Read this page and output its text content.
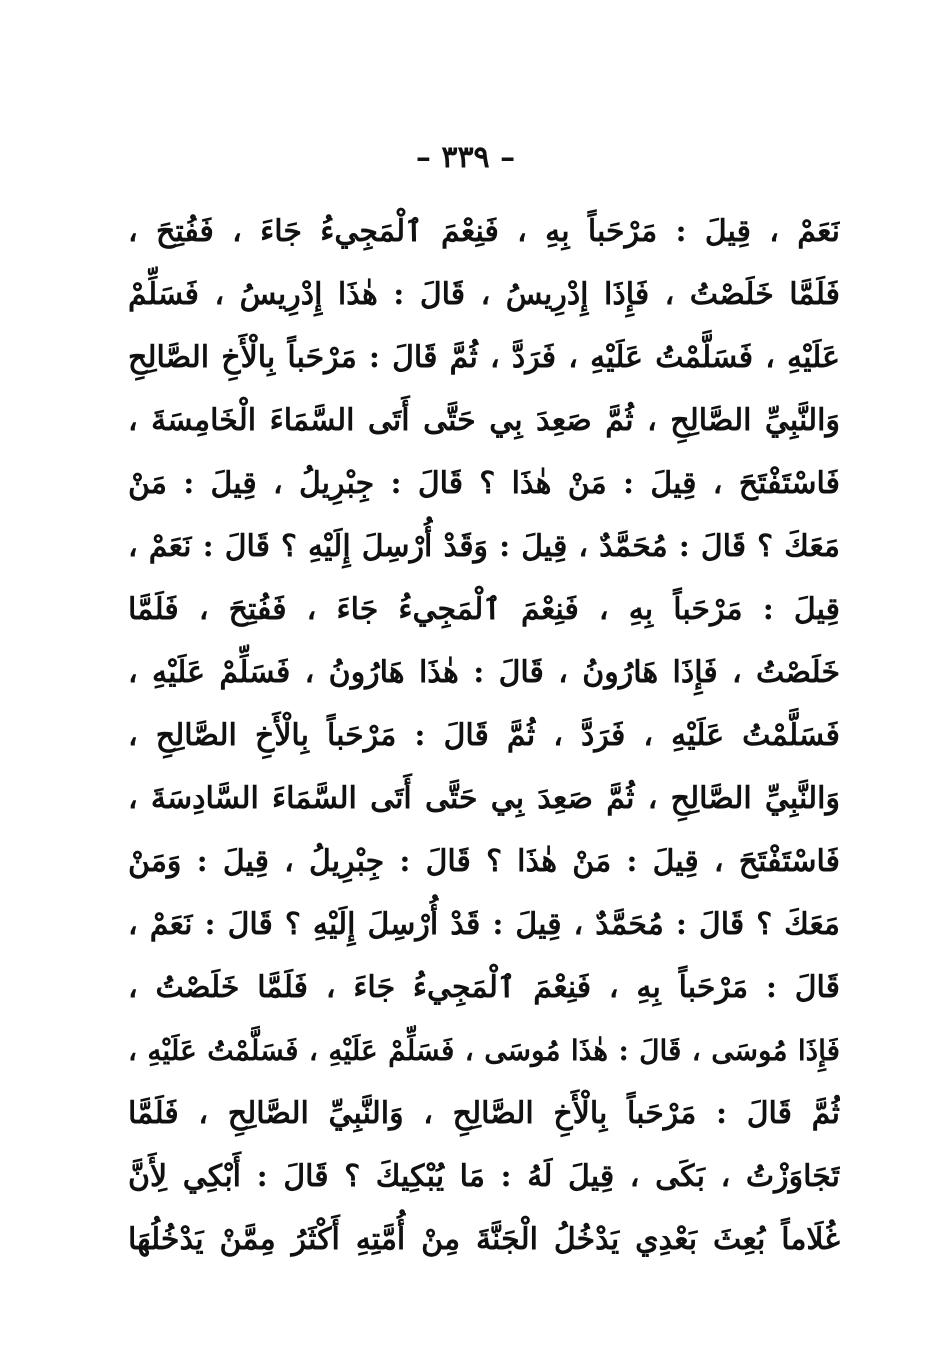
– ٣٣٩ –
نَعَمْ ، قِيلَ : مَرْحَباً بِهِ ، فَنِعْمَ ٱلْمَجِيءُ جَاءَ ، فَفُتِحَ ،
فَلَمَّا خَلَصْتُ ، فَإِذَا إِدْرِيسُ ، قَالَ : هٰذَا إِدْرِيسُ ، فَسَلِّمْ
عَلَيْهِ ، فَسَلَّمْتُ عَلَيْهِ ، فَرَدَّ ، ثُمَّ قَالَ : مَرْحَباً بِالْأَخِ الصَّالِحِ
وَالنَّبِيِّ الصَّالِحِ ، ثُمَّ صَعِدَ بِي حَتَّى أَتَى السَّمَاءَ الْخَامِسَةَ ،
فَاسْتَفْتَحَ ، قِيلَ : مَنْ هٰذَا ؟ قَالَ : جِبْرِيلُ ، قِيلَ : مَنْ
مَعَكَ ؟ قَالَ : مُحَمَّدٌ ، قِيلَ : وَقَدْ أُرْسِلَ إِلَيْهِ ؟ قَالَ : نَعَمْ ،
قِيلَ : مَرْحَباً بِهِ ، فَنِعْمَ ٱلْمَجِيءُ جَاءَ ، فَفُتِحَ ، فَلَمَّا
خَلَصْتُ ، فَإِذَا هَارُونُ ، قَالَ : هٰذَا هَارُونُ ، فَسَلِّمْ عَلَيْهِ ،
فَسَلَّمْتُ عَلَيْهِ ، فَرَدَّ ، ثُمَّ قَالَ : مَرْحَباً بِالْأَخِ الصَّالِحِ ،
وَالنَّبِيِّ الصَّالِحِ ، ثُمَّ صَعِدَ بِي حَتَّى أَتَى السَّمَاءَ السَّادِسَةَ ،
فَاسْتَفْتَحَ ، قِيلَ : مَنْ هٰذَا ؟ قَالَ : جِبْرِيلُ ، قِيلَ : وَمَنْ
مَعَكَ ؟ قَالَ : مُحَمَّدٌ ، قِيلَ : قَدْ أُرْسِلَ إِلَيْهِ ؟ قَالَ : نَعَمْ ،
قَالَ : مَرْحَباً بِهِ ، فَنِعْمَ ٱلْمَجِيءُ جَاءَ ، فَلَمَّا خَلَصْتُ ،
فَإِذَا مُوسَى ، قَالَ : هٰذَا مُوسَى ، فَسَلِّمْ عَلَيْهِ ، فَسَلَّمْتُ عَلَيْهِ ،
ثُمَّ قَالَ : مَرْحَباً بِالْأَخِ الصَّالِحِ ، وَالنَّبِيِّ الصَّالِحِ ، فَلَمَّا
تَجَاوَزْتُ ، بَكَى ، قِيلَ لَهُ : مَا يُبْكِيكَ ؟ قَالَ : أَبْكِي لِأَنَّ
غُلَاماً بُعِثَ بَعْدِي يَدْخُلُ الْجَنَّةَ مِنْ أُمَّتِهِ أَكْثَرُ مِمَّنْ يَدْخُلُهَا
